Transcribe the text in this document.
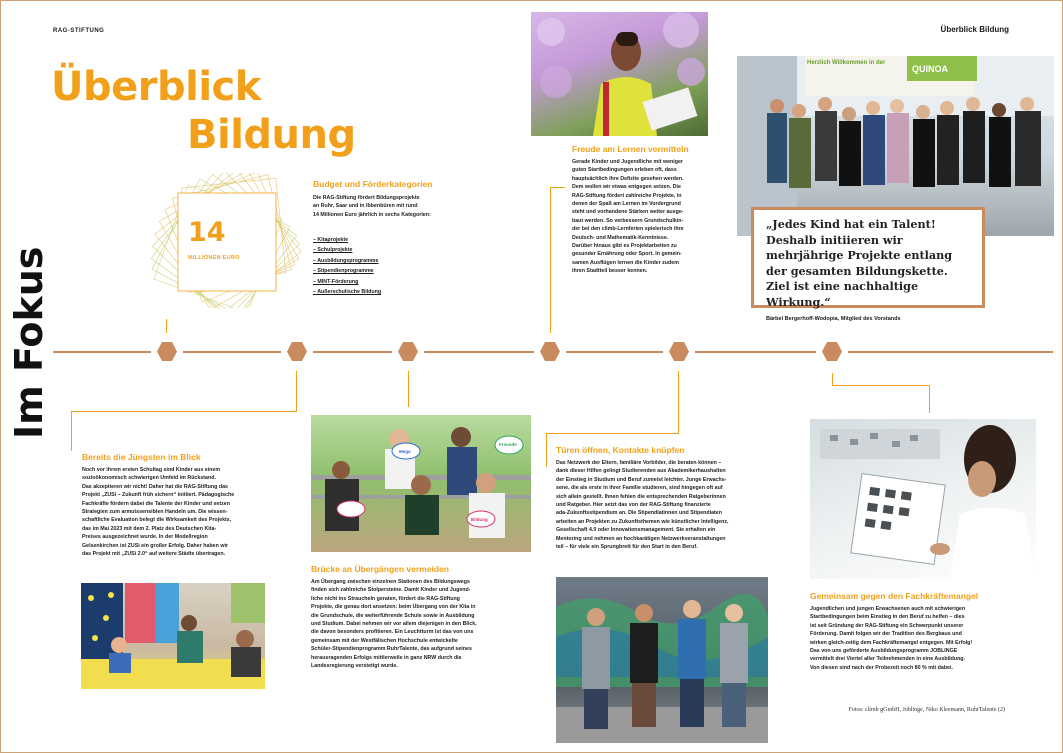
RAG-STIFTUNG	Überblick Bildung
Überblick
Bildung
Im Fokus
14
MILLIONEN EURO
Budget und Förderkategorien
Die RAG-Stiftung fördert Bildungsprojekte
an Ruhr, Saar und in Ibbenbüren mit rund
14 Millionen Euro jährlich in sechs Kategorien:
– Kitaprojekte
– Schulprojekte
– Ausbildungsprogramme
– Stipendienprogramme
– MINT-Förderung
– Außerschulische Bildung
Freude am Lernen vermitteln
Gerade Kinder und Jugendliche mit weniger
guten Startbedingungen erleben oft, dass
hauptsächlich ihre Defizite gesehen werden.
Dem wollen wir etwas entgegen setzen. Die
RAG-Stiftung fördert zahlreiche Projekte, in
denen der Spaß am Lernen im Vordergrund
steht und vorhandene Stärken weiter ausge-
baut werden. So verbessern Grundschulkin-
der bei den climb-Lernferien spielerisch ihre
Deutsch- und Mathematik-Kenntnisse.
Darüber hinaus gibt es Projektarbeiten zu
gesunder Ernährung oder Sport. In gemein-
samen Ausflügen lernen die Kinder zudem
ihren Stadtteil besser kennen.
Herzlich Willkommen in der
QUINOA
„Jedes Kind hat ein Talent! Deshalb initiieren wir mehrjährige Projekte entlang der gesamten Bildungskette. Ziel ist eine nachhaltige Wirkung.“
Bärbel Bergerhoff-Wodopia, Mitglied des Vorstands
Bereits die Jüngsten im Blick
Noch vor ihrem ersten Schultag sind Kinder aus einem
sozioökonomisch schwierigen Umfeld im Rückstand.
Das akzeptieren wir nicht! Daher hat die RAG-Stiftung das
Projekt „ZUSi – Zukunft früh sichern“ initiiert. Pädagogische
Fachkräfte fördern dabei die Talente der Kinder und setzen
Strategien zum armutssensiblen Handeln um. Die wissen-
schaftliche Evaluation belegt die Wirksamkeit des Projekts,
das im Mai 2023 mit dem 2. Platz des Deutschen Kita-
Preises ausgezeichnet wurde. In der Modellregion
Gelsenkirchen ist ZUSi ein großer Erfolg. Daher haben wir
das Projekt mit „ZUSi 2.0“ auf weitere Städte übertragen.
Mega
Freunde
Bildung
Brücke an Übergängen vermeiden
Am Übergang zwischen einzelnen Stationen des Bildungswegs
finden sich zahlreiche Stolpersteine. Damit Kinder und Jugend-
liche nicht ins Straucheln geraten, fördert die RAG-Stiftung
Projekte, die genau dort ansetzen: beim Übergang von der Kita in
die Grundschule, die weiterführende Schule sowie in Ausbildung
und Studium. Dabei nehmen wir vor allem diejenigen in den Blick,
die davon besonders profitieren. Ein Leuchtturm ist das von uns
gemeinsam mit der Westfälischen Hochschule entwickelte
Schüler-Stipendienprogramm RuhrTalente, das aufgrund seines
herausragenden Erfolgs mittlerweile in ganz NRW durch die
Landesregierung verstetigt wurde.
Türen öffnen, Kontakte knüpfen
Das Netzwerk der Eltern, familiäre Vorbilder, die beraten können –
dank dieser Hilfen gelingt Studierenden aus Akademikerhaushalten
der Einstieg in Studium und Beruf zumeist leichter. Junge Erwachs-
sene, die als erste in ihrer Familie studieren, sind hingegen oft auf
sich allein gestellt. Ihnen fehlen die entsprechenden Ratgeberinnen
und Ratgeber. Hier setzt das von der RAG-Stiftung finanzierte
ada-Zukunftsstipendium an. Die Stipendiatinnen und Stipendiaten
arbeiten an Projekten zu Zukunftsthemen wie künstlicher Intelligenz,
Gesellschaft 4.0 oder Innovationsmanagement. Sie erhalten ein
Mentoring und nehmen an hochkarätigen Netzwerkveranstaltungen
teil – für viele ein Sprungbrett für den Start in den Beruf.
Gemeinsam gegen den Fachkräftemangel
Jugendlichen und jungen Erwachsenen auch mit schwierigen
Startbedingungen beim Einstieg in den Beruf zu helfen – dies
ist seit Gründung der RAG-Stiftung ein Schwerpunkt unserer
Förderung. Damit folgen wir der Tradition des Bergbaus und
wirken gleich-zeitig dem Fachkräftemangel entgegen. Mit Erfolg!
Das von uns geförderte Ausbildungsprogramm JOBLINGE
vermittelt drei Viertel aller Teilnehmenden in eine Ausbildung.
Von diesen sind nach der Probezeit noch 80 % mit dabei.
Fotos: climb gGmbH, Joblinge, Niko Kleemann, RuhrTalente (2)
